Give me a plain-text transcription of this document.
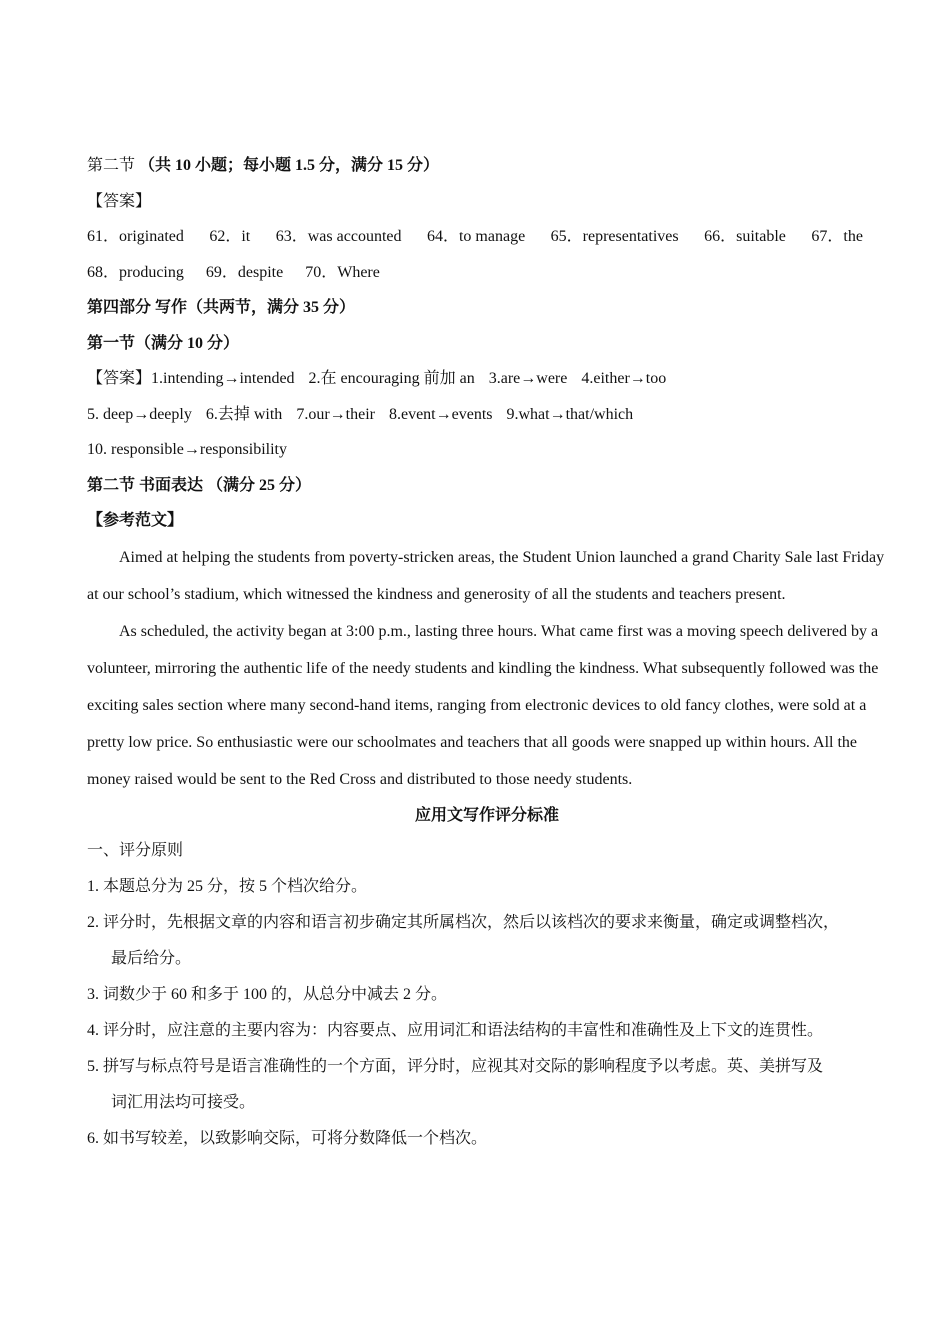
第二节 （共 10 小题；每小题 1.5 分，满分 15 分）
【答案】
61．originated 62．it 63．was accounted 64．to manage 65．representatives 66．suitable 67．the
68．producing 69．despite 70．Where
第四部分 写作（共两节，满分 35 分）
第一节（满分 10 分）
【答案】1.intending→intended 2.在 encouraging 前加 an 3.are→were 4.either→too
5. deep→deeply 6.去掉 with 7.our→their 8.event→events 9.what→that/which
10. responsible→responsibility
第二节 书面表达 （满分 25 分）
【参考范文】

Aimed at helping the students from poverty-stricken areas, the Student Union launched a grand Charity Sale last Friday at our school’s stadium, which witnessed the kindness and generosity of all the students and teachers present.

As scheduled, the activity began at 3:00 p.m., lasting three hours. What came first was a moving speech delivered by a volunteer, mirroring the authentic life of the needy students and kindling the kindness. What subsequently followed was the exciting sales section where many second-hand items, ranging from electronic devices to old fancy clothes, were sold at a pretty low price. So enthusiastic were our schoolmates and teachers that all goods were snapped up within hours. All the money raised would be sent to the Red Cross and distributed to those needy students.

应用文写作评分标准
一、评分原则
1. 本题总分为 25 分，按 5 个档次给分。
2. 评分时，先根据文章的内容和语言初步确定其所属档次，然后以该档次的要求来衡量，确定或调整档次，
最后给分。
3. 词数少于 60 和多于 100 的，从总分中减去 2 分。
4. 评分时，应注意的主要内容为：内容要点、应用词汇和语法结构的丰富性和准确性及上下文的连贯性。
5. 拼写与标点符号是语言准确性的一个方面，评分时，应视其对交际的影响程度予以考虑。英、美拼写及
词汇用法均可接受。
6. 如书写较差，以致影响交际，可将分数降低一个档次。
